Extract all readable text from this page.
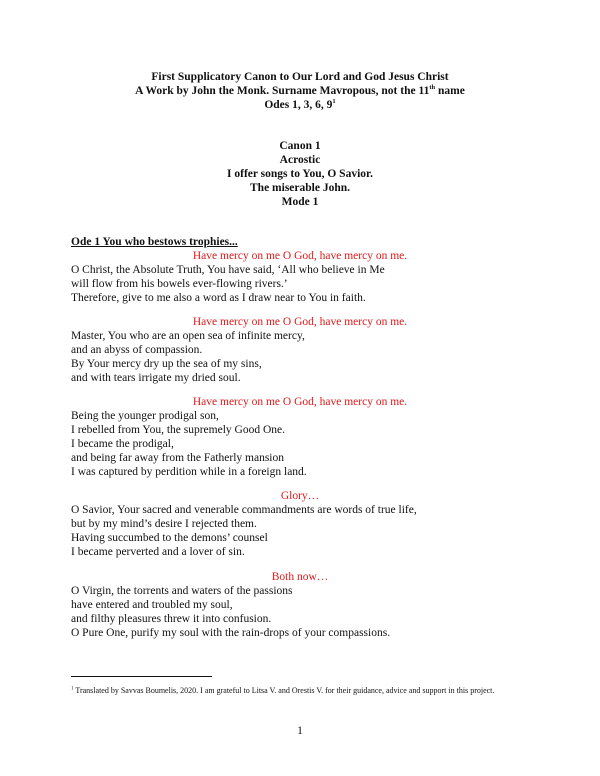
First Supplicatory Canon to Our Lord and God Jesus Christ
A Work by John the Monk. Surname Mavropous, not the 11th name
Odes 1, 3, 6, $9^1$
Canon 1
Acrostic
I offer songs to You, O Savior.
The miserable John.
Mode 1
Ode 1 You who bestows trophies...
Have mercy on me O God, have mercy on me.
O Christ, the Absolute Truth, You have said, ‘All who believe in Me
will flow from his bowels ever-flowing rivers.’
Therefore, give to me also a word as I draw near to You in faith.
Have mercy on me O God, have mercy on me.
Master, You who are an open sea of infinite mercy,
and an abyss of compassion.
By Your mercy dry up the sea of my sins,
and with tears irrigate my dried soul.
Have mercy on me O God, have mercy on me.
Being the younger prodigal son,
I rebelled from You, the supremely Good One.
I became the prodigal,
and being far away from the Fatherly mansion
I was captured by perdition while in a foreign land.
Glory…
O Savior, Your sacred and venerable commandments are words of true life,
but by my mind’s desire I rejected them.
Having succumbed to the demons’ counsel
I became perverted and a lover of sin.
Both now…
O Virgin, the torrents and waters of the passions
have entered and troubled my soul,
and filthy pleasures threw it into confusion.
O Pure One, purify my soul with the rain-drops of your compassions.
$^1$ Translated by Savvas Boumelis, 2020. I am grateful to Litsa V. and Orestis V. for their guidance, advice and support in this project.
1
